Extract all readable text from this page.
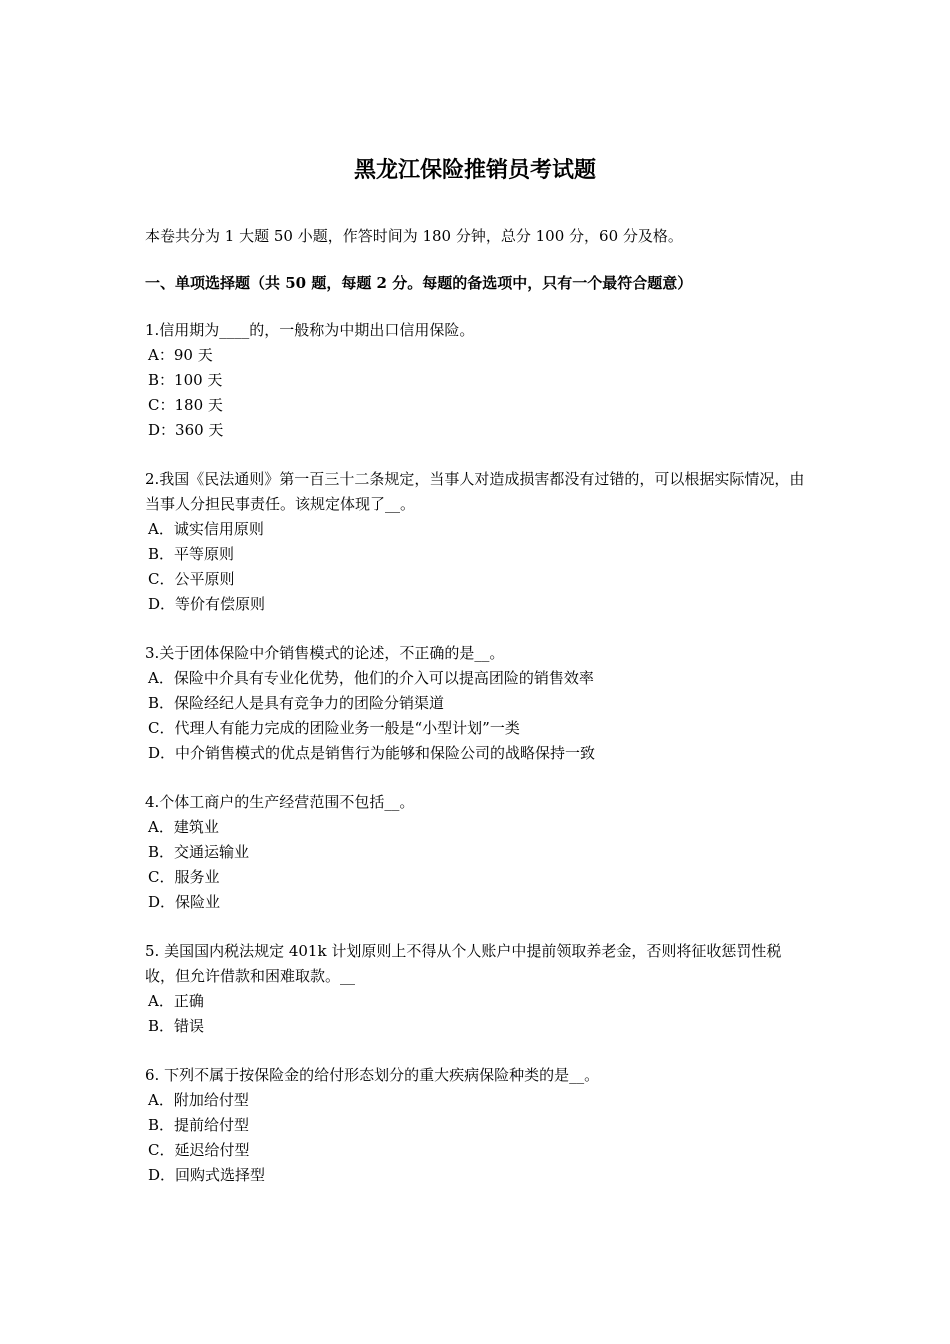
黑龙江保险推销员考试题

本卷共分为 1 大题 50 小题，作答时间为 180 分钟，总分 100 分，60 分及格。

一、单项选择题（共 50 题，每题 2 分。每题的备选项中，只有一个最符合题意）

1.信用期为____的，一般称为中期出口信用保险。

A：90 天
B：100 天
C：180 天
D：360 天

2.我国《民法通则》第一百三十二条规定，当事人对造成损害都没有过错的，可以根据实际情况，由当事人分担民事责任。该规定体现了__。

A．诚实信用原则
B．平等原则
C．公平原则
D．等价有偿原则

3.关于团体保险中介销售模式的论述，不正确的是__。

A．保险中介具有专业化优势，他们的介入可以提高团险的销售效率
B．保险经纪人是具有竞争力的团险分销渠道
C．代理人有能力完成的团险业务一般是“小型计划”一类
D．中介销售模式的优点是销售行为能够和保险公司的战略保持一致

4.个体工商户的生产经营范围不包括__。

A．建筑业
B．交通运输业
C．服务业
D．保险业

5. 美国国内税法规定 401k 计划原则上不得从个人账户中提前领取养老金，否则将征收惩罚性税收，但允许借款和困难取款。__

A．正确
B．错误

6. 下列不属于按保险金的给付形态划分的重大疾病保险种类的是__。

A．附加给付型
B．提前给付型
C．延迟给付型
D．回购式选择型
